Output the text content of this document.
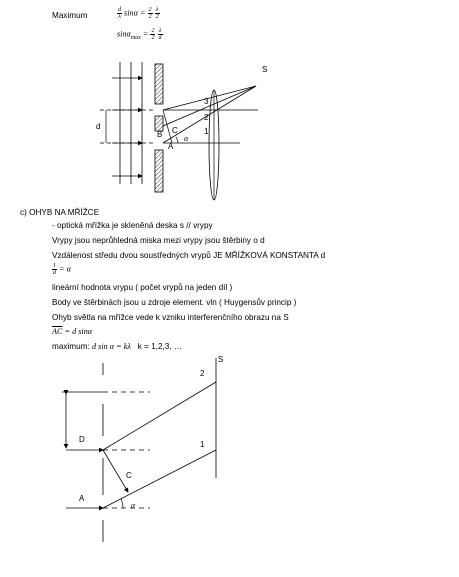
Maximum	$\frac{d}{\lambda}$ $\sin\alpha = \frac{2}{2}$
$\frac{\lambda}{2}$
$\sin\alpha_{max} = \frac{2}{2}$
$\frac{\lambda}{d}$
S
d
3
2
1
B C
A
α
c) OHYB NA MŘÍŽCE
- optická mřížka je skleněná deska s // vrypy
Vrypy jsou neprůhledná miska mezi vrypy jsou štěrbiny o d
Vzdálenost středu dvou soustředných vrypů JE MŘÍŽKOVÁ KONSTANTA d
$\frac{1}{d} = \alpha$
lineární hodnota vrypu ( počet vrypů na jeden díl )
Body ve štěrbinách jsou u zdroje element. vln ( Huygensův princip )
Ohyb světla na mřížce vede k vzniku interferenčního obrazu na S
$\overline{AC} = d$ sinα
maximum: d sin α = kλ k = 1,2,3, …
S
2
1
D
C
A
α
